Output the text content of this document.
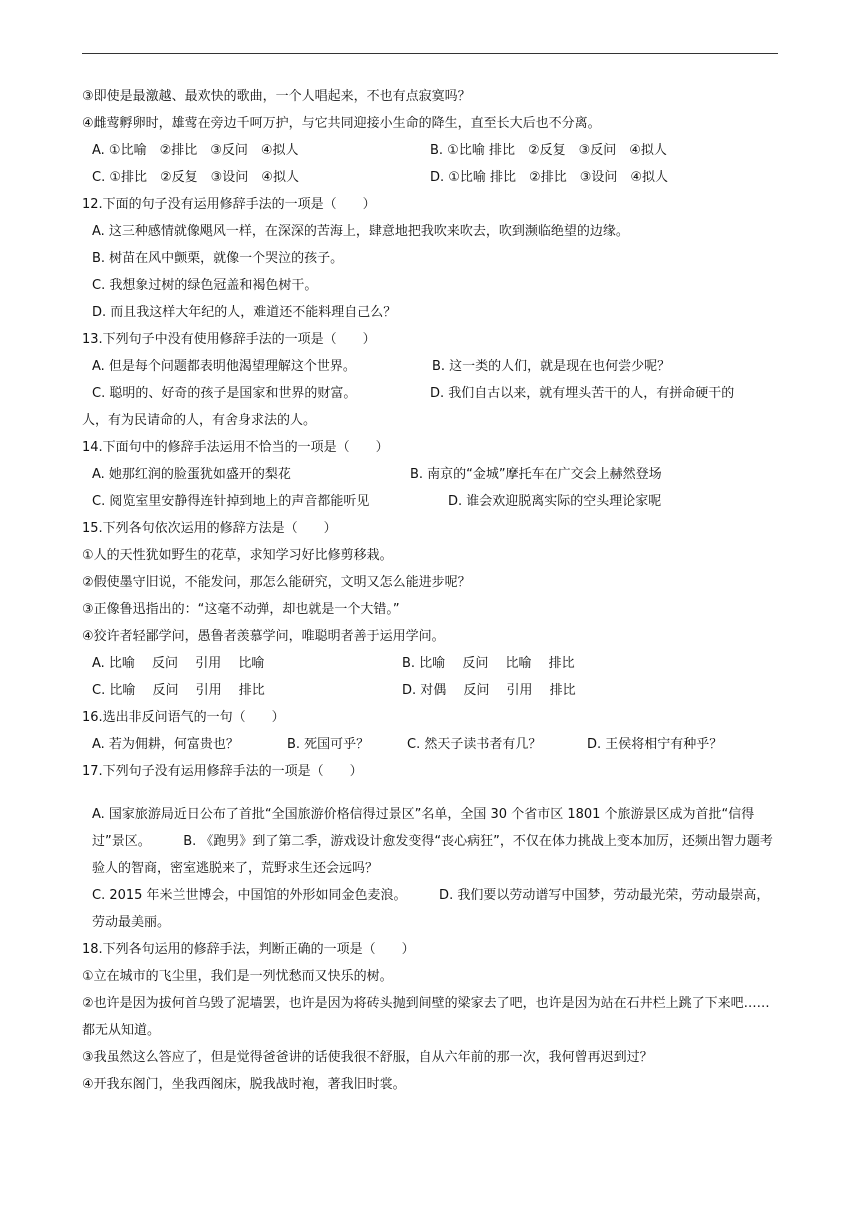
③即使是最激越、最欢快的歌曲，一个人唱起来，不也有点寂寞吗？
④雌莺孵卵时，雄莺在旁边千呵万护，与它共同迎接小生命的降生，直至长大后也不分离。
A. ①比喻　②排比　③反问　④拟人	B. ①比喻 排比　②反复　③反问　④拟人
C. ①排比　②反复　③设问　④拟人	D. ①比喻 排比　②排比　③设问　④拟人
12.下面的句子没有运用修辞手法的一项是（　　）
A. 这三种感情就像飓风一样，在深深的苦海上，肆意地把我吹来吹去，吹到濒临绝望的边缘。
B. 树苗在风中颤栗，就像一个哭泣的孩子。
C. 我想象过树的绿色冠盖和褐色树干。
D. 而且我这样大年纪的人，难道还不能料理自己么？
13.下列句子中没有使用修辞手法的一项是（　　）
A. 但是每个问题都表明他渴望理解这个世界。	B. 这一类的人们，就是现在也何尝少呢？
C. 聪明的、好奇的孩子是国家和世界的财富。	D. 我们自古以来，就有埋头苦干的人，有拼命硬干的
人，有为民请命的人，有舍身求法的人。
14.下面句中的修辞手法运用不恰当的一项是（　　）
A. 她那红润的脸蛋犹如盛开的梨花	B. 南京的“金城”摩托车在广交会上赫然登场
C. 阅览室里安静得连针掉到地上的声音都能听见	D. 谁会欢迎脱离实际的空头理论家呢
15.下列各句依次运用的修辞方法是（　　）
①人的天性犹如野生的花草，求知学习好比修剪移栽。
②假使墨守旧说，不能发问，那怎么能研究，文明又怎么能进步呢？
③正像鲁迅指出的：“这毫不动弹，却也就是一个大错。”
④狡许者轻鄙学问，愚鲁者羡慕学问，唯聪明者善于运用学问。
A. 比喻　 反问　 引用　 比喻	B. 比喻　 反问　 比喻　 排比
C. 比喻　 反问　 引用　 排比	D. 对偶　 反问　 引用　 排比
16.选出非反问语气的一句（　　）
A. 若为佣耕，何富贵也？	B. 死国可乎？	C. 然天子读书者有几？	D. 王侯将相宁有种乎？
17.下列句子没有运用修辞手法的一项是（　　）
A. 国家旅游局近日公布了首批“全国旅游价格信得过景区”名单，全国 30 个省市区 1801 个旅游景区成为首批“信得过”景区。　　　B. 《跑男》到了第二季，游戏设计愈发变得“丧心病狂”，不仅在体力挑战上变本加厉，还频出智力题考验人的智商，密室逃脱来了，荒野求生还会远吗？
C. 2015 年米兰世博会，中国馆的外形如同金色麦浪。　　　D. 我们要以劳动谱写中国梦，劳动最光荣，劳动最崇高，劳动最美丽。
18.下列各句运用的修辞手法，判断正确的一项是（　　）
①立在城市的飞尘里，我们是一列忧愁而又快乐的树。
②也许是因为拔何首乌毁了泥墙罢，也许是因为将砖头抛到间壁的梁家去了吧，也许是因为站在石井栏上跳了下来吧……都无从知道。
③我虽然这么答应了，但是觉得爸爸讲的话使我很不舒服，自从六年前的那一次，我何曾再迟到过？
④开我东阁门，坐我西阁床，脱我战时袍，著我旧时裳。
